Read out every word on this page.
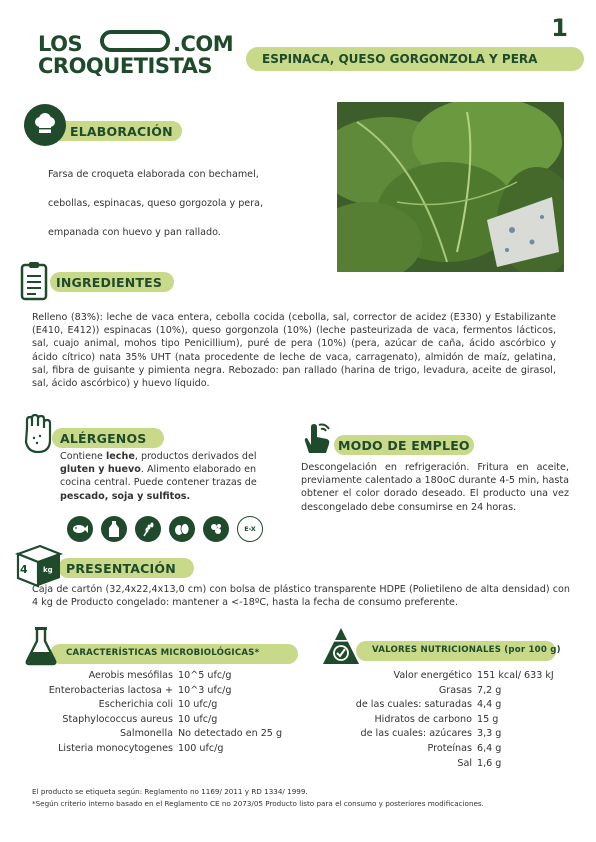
LOS	.COM
CROQUETISTAS
1
ESPINACA, QUESO GORGONZOLA Y PERA
ELABORACIÓN

Farsa de croqueta elaborada con bechamel,

cebollas, espinacas, queso gorgozola y pera,

empanada con huevo y pan rallado.

INGREDIENTES

Relleno (83%): leche de vaca entera, cebolla cocida (cebolla, sal, corrector de acidez (E330) y Estabilizante (E410, E412)) espinacas (10%), queso gorgonzola (10%) (leche pasteurizada de vaca, fermentos lácticos, sal, cuajo animal, mohos tipo Penicillium), puré de pera (10%) (pera, azúcar de caña, ácido ascórbico y ácido cítrico) nata 35% UHT (nata procedente de leche de vaca, carragenato), almidón de maíz, gelatina, sal, fibra de guisante y pimienta negra. Rebozado: pan rallado (harina de trigo, levadura, aceite de girasol, sal, ácido ascórbico) y huevo líquido.

ALÉRGENOS

Contiene leche, productos derivados del gluten y huevo. Alimento elaborado en cocina central. Puede contener trazas de pescado, soja y sulfitos.

E-X
MODO DE EMPLEO

Descongelación en refrigeración. Fritura en aceite, previamente calentado a 180oC durante 4-5 min, hasta obtener el color dorado deseado. El producto una vez descongelado debe consumirse en 24 horas.

4 kg PRESENTACIÓN

Caja de cartón (32,4x22,4x13,0 cm) con bolsa de plástico transparente HDPE (Polietileno de alta densidad) con 4 kg de Producto congelado: mantener a <-18ºC, hasta la fecha de consumo preferente.

CARACTERÍSTICAS MICROBIOLÓGICAS*
Aerobis mesófilas 10^5 ufc/g
Enterobacterias lactosa + 10^3 ufc/g
Escherichia coli 10 ufc/g
Staphylococcus aureus 10 ufc/g
Salmonella No detectado en 25 g
Listeria monocytogenes 100 ufc/g
VALORES NUTRICIONALES (por 100 g)
Valor energético 151 kcal/ 633 kJ
Grasas 7,2 g
de las cuales: saturadas 4,4 g
Hidratos de carbono 15 g
de las cuales: azúcares 3,3 g
Proteínas 6,4 g
Sal 1,6 g
El producto se etiqueta según: Reglamento no 1169/ 2011 y RD 1334/ 1999.
*Según criterio interno basado en el Reglamento CE no 2073/05 Producto listo para el consumo y posteriores modificaciones.
